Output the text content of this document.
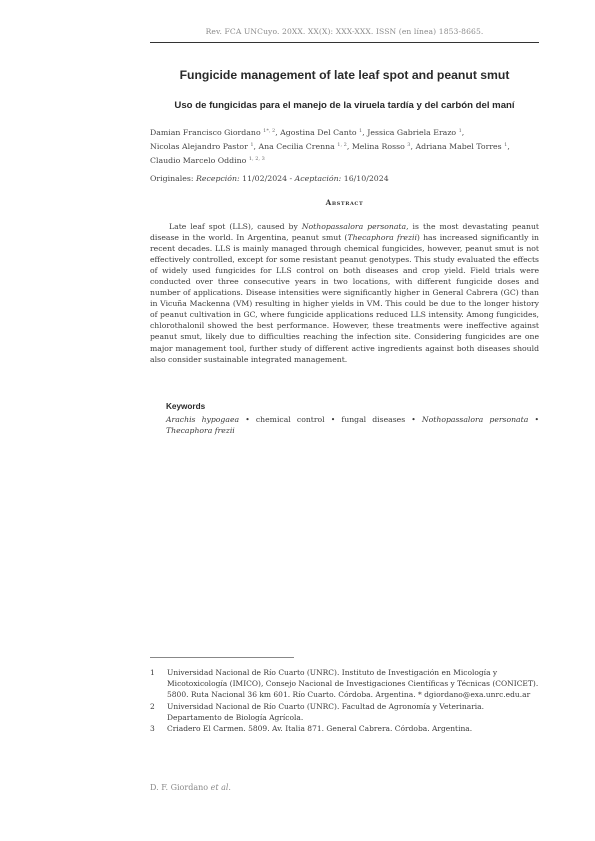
Rev. FCA UNCuyo. 20XX. XX(X): XXX-XXX. ISSN (en línea) 1853-8665.
Fungicide management of late leaf spot and peanut smut
Uso de fungicidas para el manejo de la viruela tardía y del carbón del maní
Damian Francisco Giordano $^{1*, 2}$, Agostina Del Canto $^1$, Jessica Gabriela Erazo $^1$,
Nicolas Alejandro Pastor $^1$, Ana Cecilia Crenna $^{1, 2}$, Melina Rosso $^3$, Adriana Mabel Torres $^1$,
Claudio Marcelo Oddino $^{1, 2, 3}$
Originales: Recepción: 11/02/2024 - Aceptación: 16/10/2024
Abstract

Late leaf spot (LLS), caused by Nothopassalora personata, is the most devastating peanut disease in the world. In Argentina, peanut smut (Thecaphora frezii) has increased significantly in recent decades. LLS is mainly managed through chemical fungicides, however, peanut smut is not effectively controlled, except for some resistant peanut genotypes. This study evaluated the effects of widely used fungicides for LLS control on both diseases and crop yield. Field trials were conducted over three consecutive years in two locations, with different fungicide doses and number of applications. Disease intensities were significantly higher in General Cabrera (GC) than in Vicuña Mackenna (VM) resulting in higher yields in VM. This could be due to the longer history of peanut cultivation in GC, where fungicide applications reduced LLS intensity. Among fungicides, chlorothalonil showed the best performance. However, these treatments were ineffective against peanut smut, likely due to difficulties reaching the infection site. Considering fungicides are one major management tool, further study of different active ingredients against both diseases should also consider sustainable integrated management.

Keywords
Arachis hypogaea • chemical control • fungal diseases • Nothopassalora personata • Thecaphora frezii
1	Universidad Nacional de Río Cuarto (UNRC). Instituto de Investigación en Micología y Micotoxicología (IMICO), Consejo Nacional de Investigaciones Científicas y Técnicas (CONICET). 5800. Ruta Nacional 36 km 601. Río Cuarto. Córdoba. Argentina. * dgiordano@exa.unrc.edu.ar
2	Universidad Nacional de Río Cuarto (UNRC). Facultad de Agronomía y Veterinaria. Departamento de Biología Agrícola.
3	Criadero El Carmen. 5809. Av. Italia 871. General Cabrera. Córdoba. Argentina.
D. F. Giordano et al.
